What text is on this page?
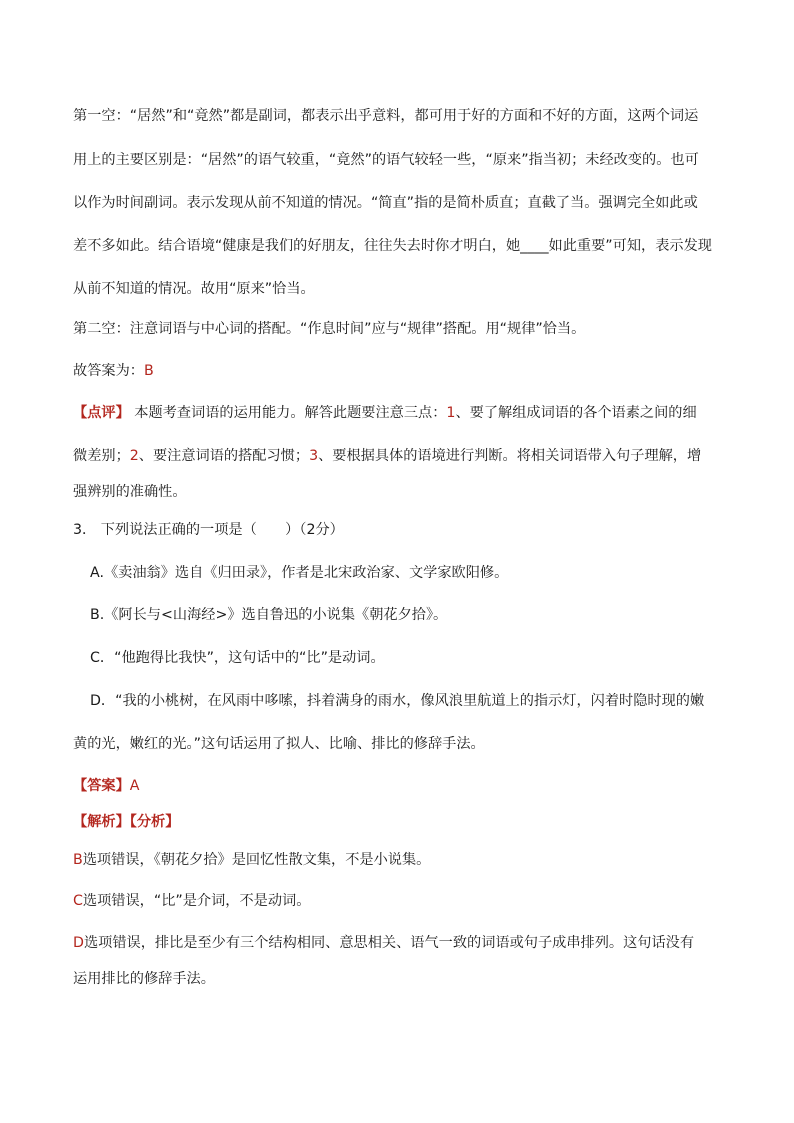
第一空：“居然”和“竟然”都是副词，都表示出乎意料，都可用于好的方面和不好的方面，这两个词运
用上的主要区别是：“居然”的语气较重，“竟然”的语气较轻一些，“原来”指当初；未经改变的。也可
以作为时间副词。表示发现从前不知道的情况。“简直”指的是简朴质直；直截了当。强调完全如此或
差不多如此。结合语境“健康是我们的好朋友，往往失去时你才明白，她____如此重要”可知，表示发现
从前不知道的情况。故用“原来”恰当。
第二空：注意词语与中心词的搭配。“作息时间”应与“规律”搭配。用“规律”恰当。
故答案为：B
【点评】 本题考查词语的运用能力。解答此题要注意三点：1、要了解组成词语的各个语素之间的细
微差别；2、要注意词语的搭配习惯；3、要根据具体的语境进行判断。将相关词语带入句子理解，增
强辨别的准确性。
3． 下列说法正确的一项是（　　）（2分）
A.《卖油翁》选自《归田录》，作者是北宋政治家、文学家欧阳修。
B.《阿长与<山海经>》选自鲁迅的小说集《朝花夕拾》。
C．“他跑得比我快”，这句话中的“比”是动词。
D．“我的小桃树，在风雨中哆嗦，抖着满身的雨水，像风浪里航道上的指示灯，闪着时隐时现的嫩
黄的光，嫩红的光。”这句话运用了拟人、比喻、排比的修辞手法。
【答案】A
【解析】【分析】
B选项错误，《朝花夕拾》是回忆性散文集，不是小说集。
C选项错误，“比”是介词，不是动词。
D选项错误，排比是至少有三个结构相同、意思相关、语气一致的词语或句子成串排列。这句话没有
运用排比的修辞手法。
